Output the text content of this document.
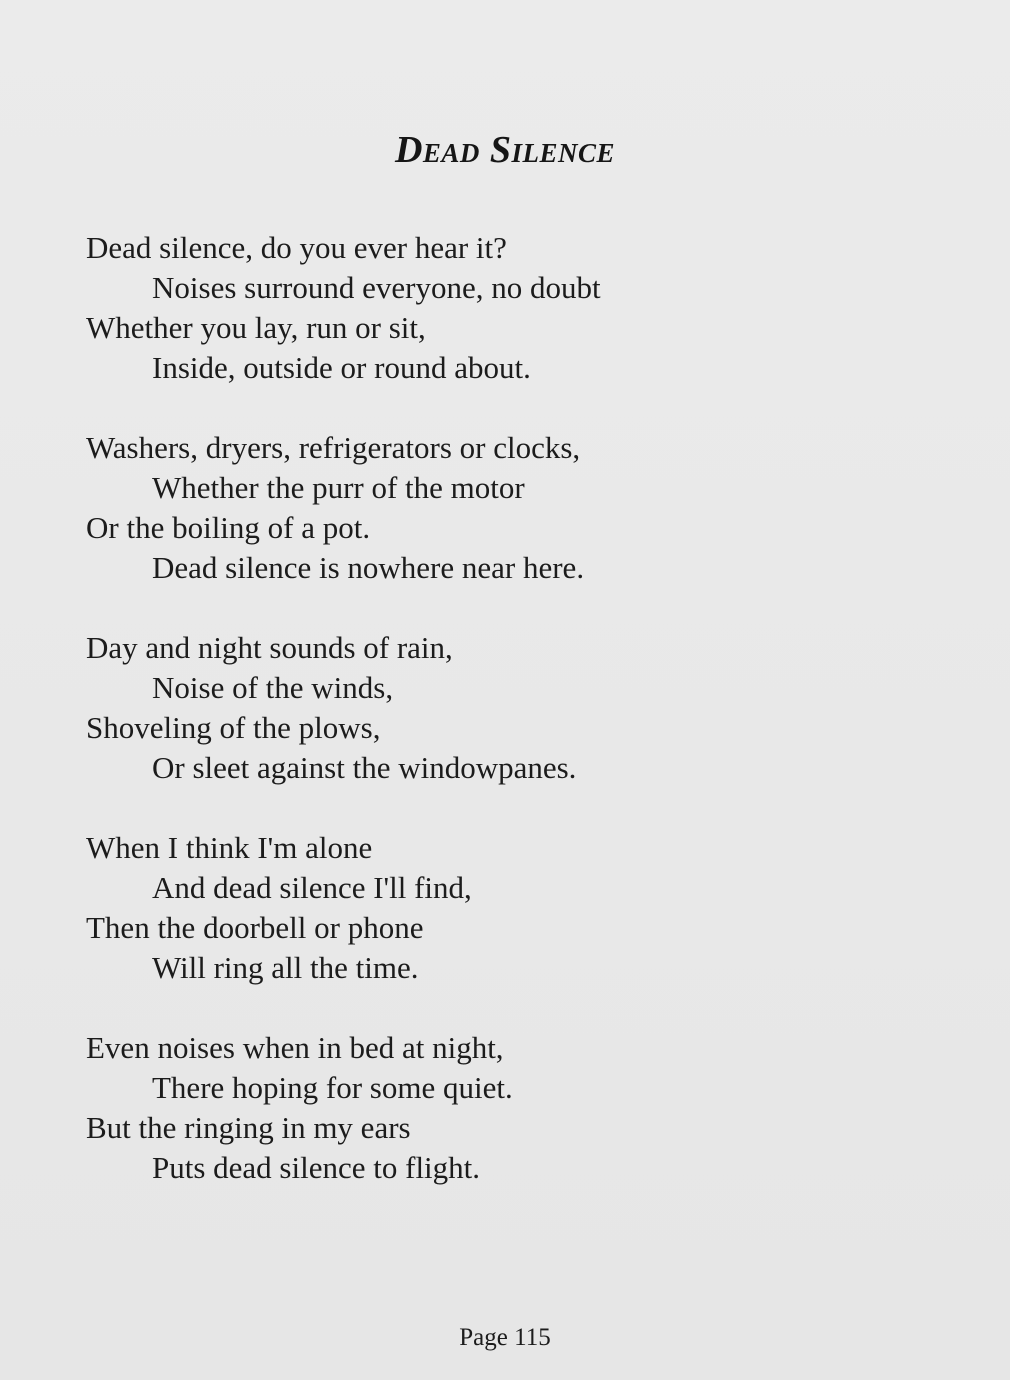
Dead Silence
Dead silence, do you ever hear it?
Noises surround everyone, no doubt
Whether you lay, run or sit,
Inside, outside or round about.
Washers, dryers, refrigerators or clocks,
Whether the purr of the motor
Or the boiling of a pot.
Dead silence is nowhere near here.
Day and night sounds of rain,
Noise of the winds,
Shoveling of the plows,
Or sleet against the windowpanes.
When I think I'm alone
And dead silence I'll find,
Then the doorbell or phone
Will ring all the time.
Even noises when in bed at night,
There hoping for some quiet.
But the ringing in my ears
Puts dead silence to flight.
Page 115
